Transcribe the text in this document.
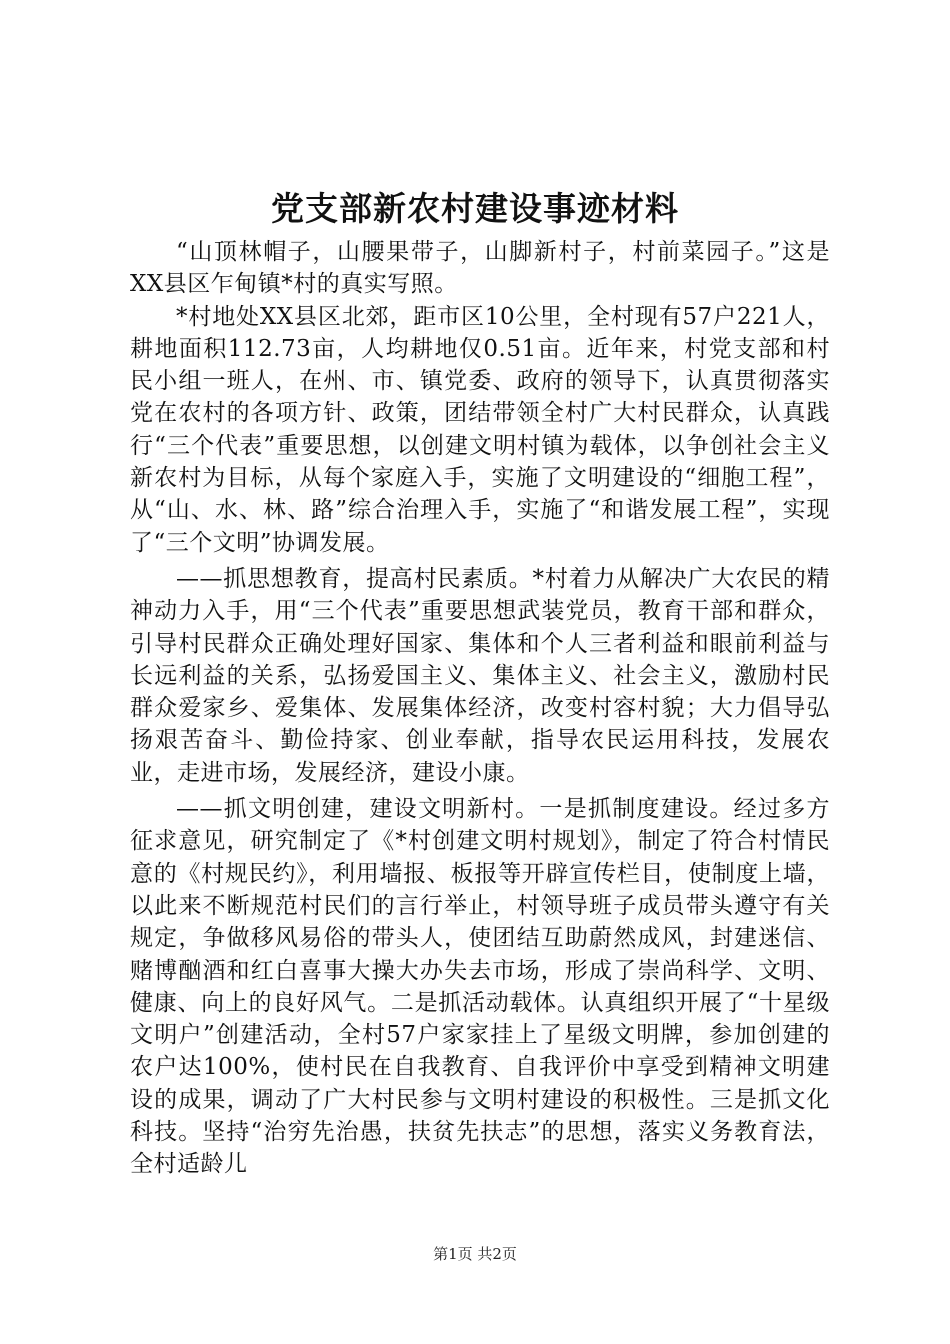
党支部新农村建设事迹材料

“山顶林帽子，山腰果带子，山脚新村子，村前菜园子。”这是XX县区乍甸镇*村的真实写照。

*村地处XX县区北郊，距市区10公里，全村现有57户221人，耕地面积112.73亩，人均耕地仅0.51亩。近年来，村党支部和村民小组一班人，在州、市、镇党委、政府的领导下，认真贯彻落实党在农村的各项方针、政策，团结带领全村广大村民群众，认真践行“三个代表”重要思想，以创建文明村镇为载体，以争创社会主义新农村为目标，从每个家庭入手，实施了文明建设的“细胞工程”，从“山、水、林、路”综合治理入手，实施了“和谐发展工程”，实现了“三个文明”协调发展。

——抓思想教育，提高村民素质。*村着力从解决广大农民的精神动力入手，用“三个代表”重要思想武装党员，教育干部和群众，引导村民群众正确处理好国家、集体和个人三者利益和眼前利益与长远利益的关系，弘扬爱国主义、集体主义、社会主义，激励村民群众爱家乡、爱集体、发展集体经济，改变村容村貌；大力倡导弘扬艰苦奋斗、勤俭持家、创业奉献，指导农民运用科技，发展农业，走进市场，发展经济，建设小康。

——抓文明创建，建设文明新村。一是抓制度建设。经过多方征求意见，研究制定了《*村创建文明村规划》，制定了符合村情民意的《村规民约》，利用墙报、板报等开辟宣传栏目，使制度上墙，以此来不断规范村民们的言行举止，村领导班子成员带头遵守有关规定，争做移风易俗的带头人，使团结互助蔚然成风，封建迷信、赌博酗酒和红白喜事大操大办失去市场，形成了崇尚科学、文明、健康、向上的良好风气。二是抓活动载体。认真组织开展了“十星级文明户”创建活动，全村57户家家挂上了星级文明牌，参加创建的农户达100%，使村民在自我教育、自我评价中享受到精神文明建设的成果，调动了广大村民参与文明村建设的积极性。三是抓文化科技。坚持“治穷先治愚，扶贫先扶志”的思想，落实义务教育法，全村适龄儿

第1页 共2页
